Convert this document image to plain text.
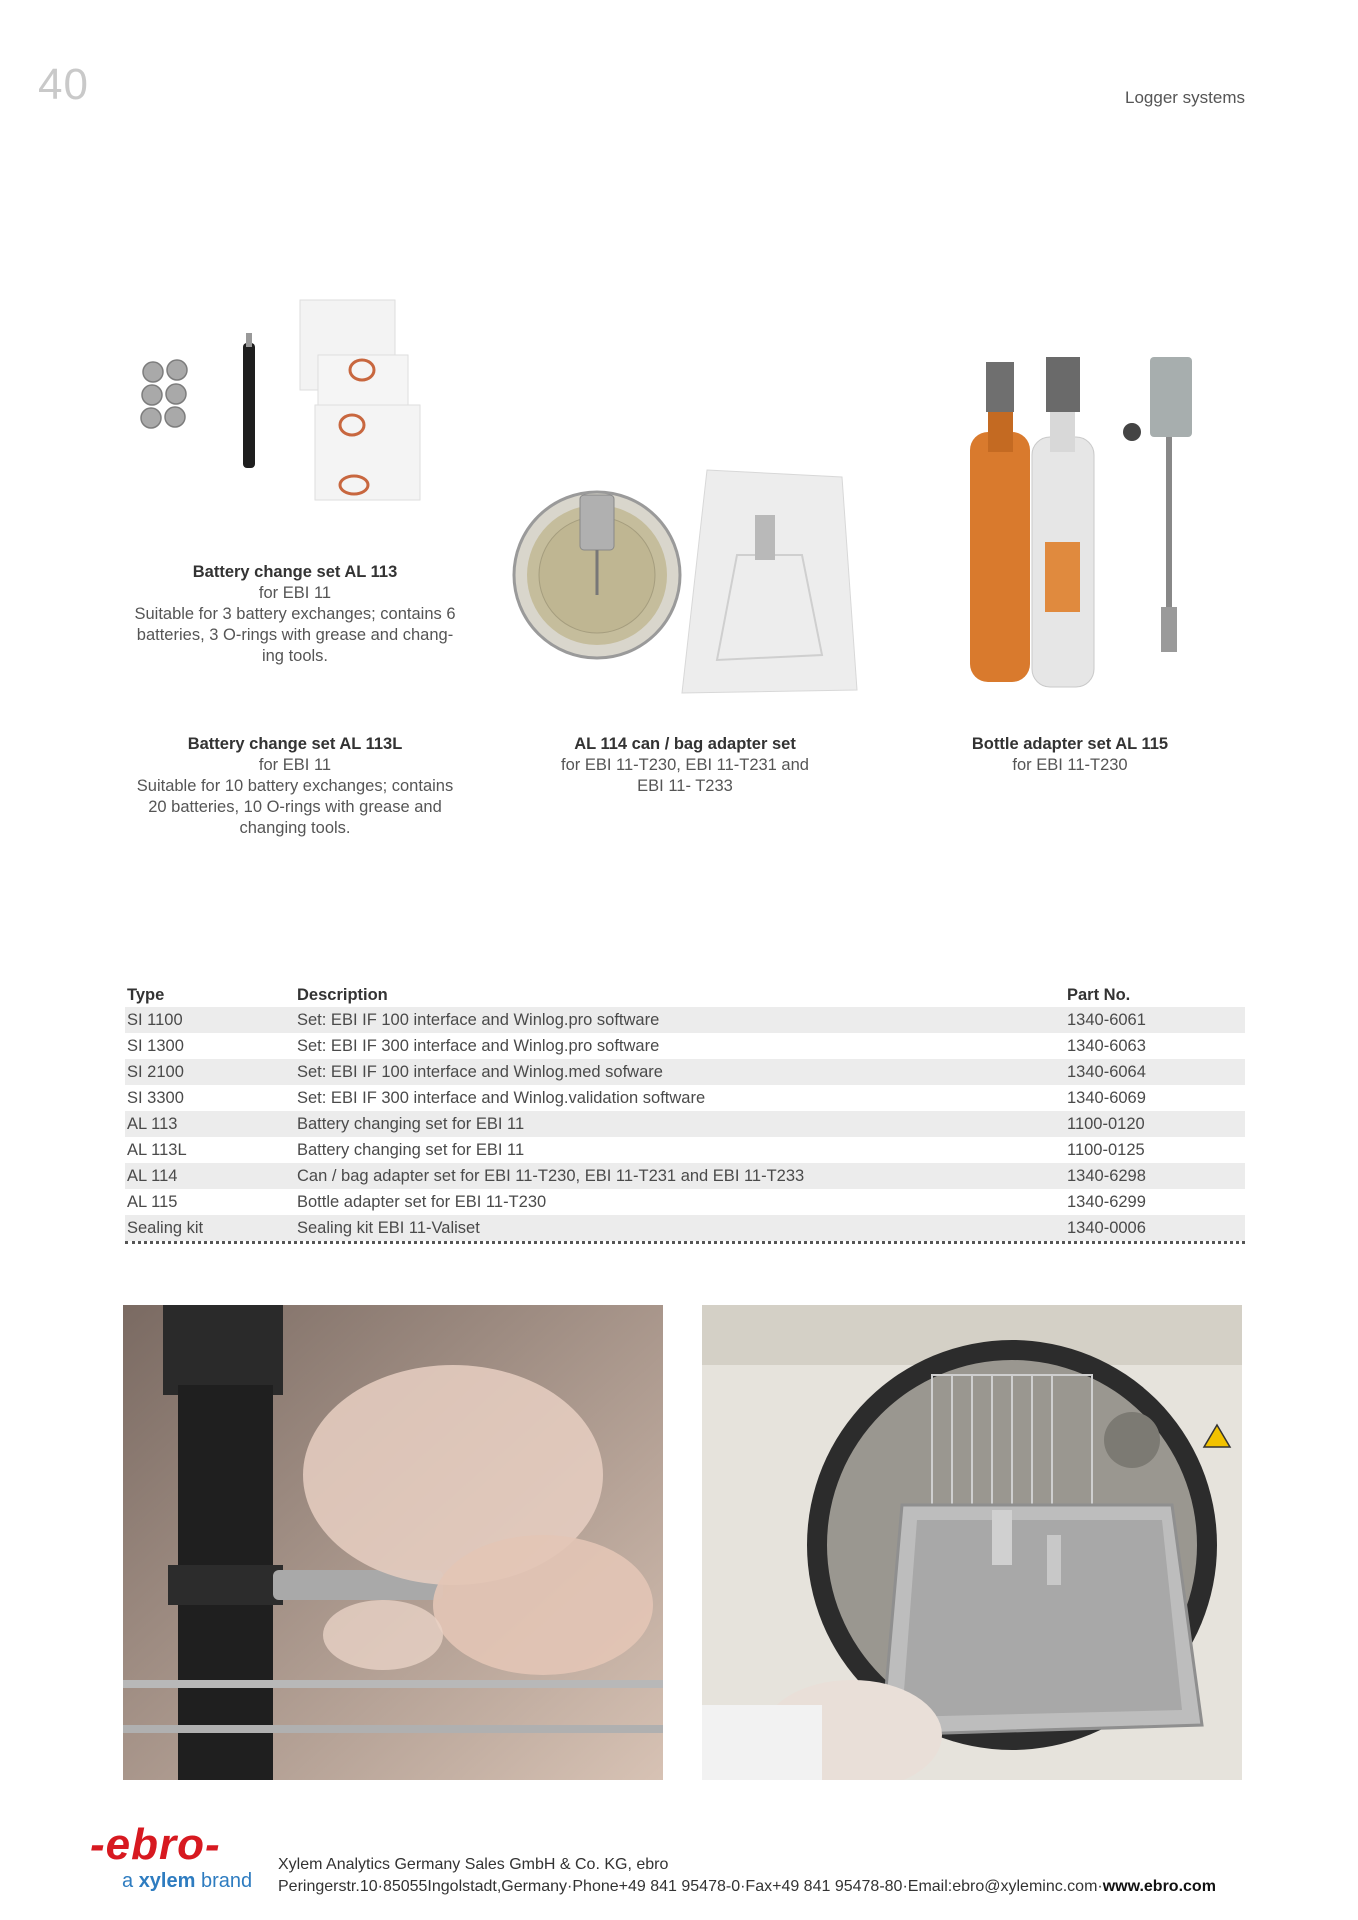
40	Logger systems
Battery change set AL 113
for EBI 11
Suitable for 3 battery exchanges; contains 6
batteries, 3 O-rings with grease and chang-
ing tools.
Battery change set AL 113L
for EBI 11
Suitable for 10 battery exchanges; contains
20 batteries, 10 O-rings with grease and
changing tools.
AL 114 can / bag adapter set
for EBI 11-T230, EBI 11-T231 and
EBI 11- T233
Bottle adapter set AL 115
for EBI 11-T230
Type	Description	Part No.
SI 1100	Set: EBI IF 100 interface and Winlog.pro software	1340-6061
SI 1300	Set: EBI IF 300 interface and Winlog.pro software	1340-6063
SI 2100	Set: EBI IF 100 interface and Winlog.med sofware	1340-6064
SI 3300	Set: EBI IF 300 interface and Winlog.validation software	1340-6069
AL 113	Battery changing set for EBI 11	1100-0120
AL 113L	Battery changing set for EBI 11	1100-0125
AL 114	Can / bag adapter set for EBI 11-T230, EBI 11-T231 and EBI 11-T233	1340-6298
AL 115	Bottle adapter set for EBI 11-T230	1340-6299
Sealing kit	Sealing kit EBI 11-Valiset	1340-0006
-ebro-
a xylem brand
Xylem Analytics Germany Sales GmbH & Co. KG, ebro
Peringerstr.10·85055Ingolstadt,Germany·Phone+49 841 95478-0·Fax+49 841 95478-80·Email:ebro@xyleminc.com·www.ebro.com
